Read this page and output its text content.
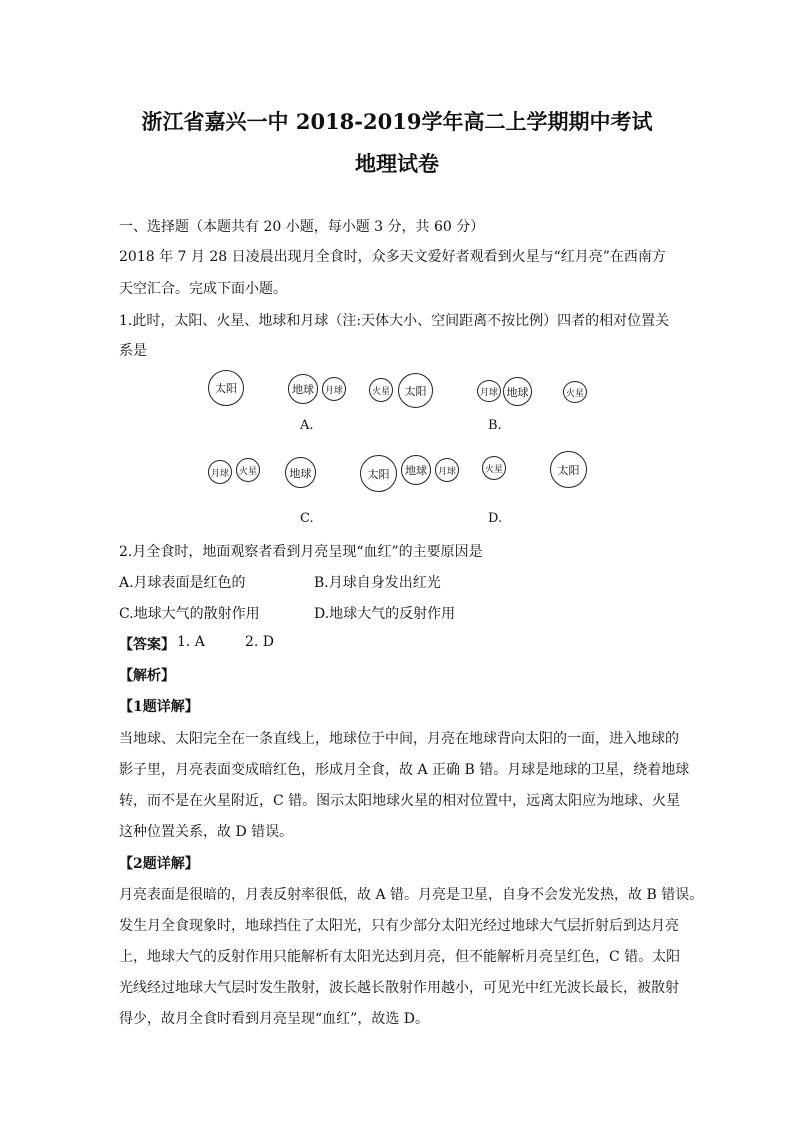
浙江省嘉兴一中 2018-2019学年高二上学期期中考试
地理试卷
一、选择题（本题共有 20 小题，每小题 3 分，共 60 分）
2018 年 7 月 28 日凌晨出现月全食时，众多天文爱好者观看到火星与“红月亮”在西南方
天空汇合。完成下面小题。
1.此时，太阳、火星、地球和月球（注:天体大小、空间距离不按比例）四者的相对位置关
系是
太阳	地球	月球
A.
火星	太阳	月球 地球	火星
B.
月球	火星	地球
C.
太阳	地球	月球	火星	太阳
D.
2.月全食时，地面观察者看到月亮呈现“血红”的主要原因是
A.月球表面是红色的	B.月球自身发出红光
C.地球大气的散射作用	D.地球大气的反射作用
【答案】 1. A	2. D
【解析】
【1题详解】
当地球、太阳完全在一条直线上，地球位于中间，月亮在地球背向太阳的一面，进入地球的
影子里，月亮表面变成暗红色，形成月全食，故 A 正确 B 错。月球是地球的卫星，绕着地球
转，而不是在火星附近，C 错。图示太阳地球火星的相对位置中，远离太阳应为地球、火星
这种位置关系，故 D 错误。
【2题详解】
月亮表面是很暗的，月表反射率很低，故 A 错。月亮是卫星，自身不会发光发热，故 B 错误。
发生月全食现象时，地球挡住了太阳光，只有少部分太阳光经过地球大气层折射后到达月亮
上，地球大气的反射作用只能解析有太阳光达到月亮，但不能解析月亮呈红色，C 错。太阳
光线经过地球大气层时发生散射，波长越长散射作用越小，可见光中红光波长最长，被散射
得少，故月全食时看到月亮呈现“血红”，故选 D。
